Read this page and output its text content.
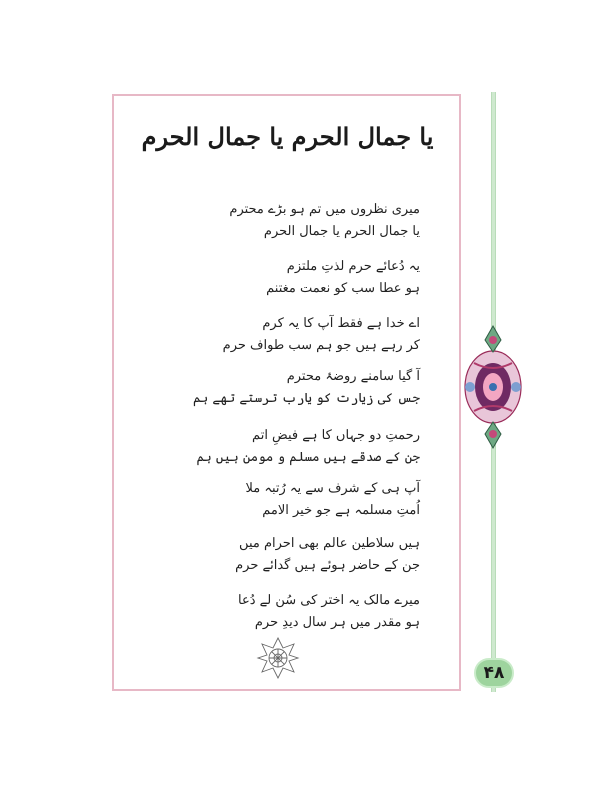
یا جمال الحرم یا جمال الحرم
میری نظروں میں تم ہو بڑے محترم
یا جمال الحرم یا جمال الحرم
یہ دُعائے حرم لذتِ ملتزم
ہو عطا سب کو نعمت مغتنم
اے خدا ہے فقط آپ کا یہ کرم
کر رہے ہیں جو ہم سب طواف حرم
آ گیا سامنے روضۂ محترم
جس کی زیارت کو یارب ترستے تھے ہم
رحمتِ دو جہاں کا ہے فیضِ اتم
جن کے صدقے ہیں مسلم و مومن ہیں ہم
آپ ہی کے شرف سے یہ رُتبہ ملا
اُمتِ مسلمہ ہے جو خیر الامم
ہیں سلاطین عالم بھی احرام میں
جن کے حاضر ہوئے ہیں گدائے حرم
میرے مالک یہ اختر کی سُن لے دُعا
ہو مقدر میں ہر سال دیدِ حرم
۴۸
